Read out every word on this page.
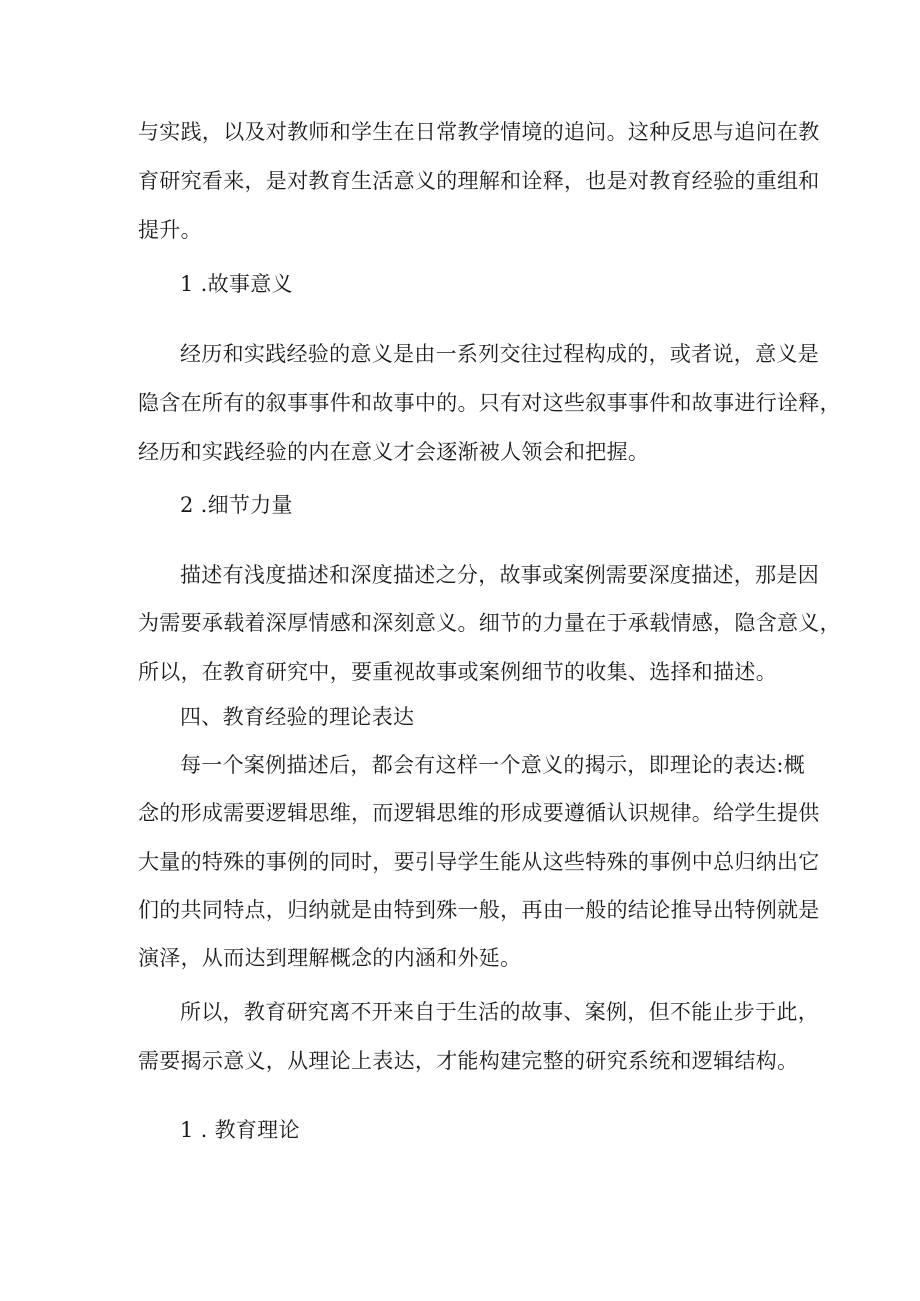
与实践，以及对教师和学生在日常教学情境的追问。这种反思与追问在教
育研究看来，是对教育生活意义的理解和诠释，也是对教育经验的重组和
提升。
1 .故事意义
经历和实践经验的意义是由一系列交往过程构成的，或者说，意义是
隐含在所有的叙事事件和故事中的。只有对这些叙事事件和故事进行诠释，
经历和实践经验的内在意义才会逐渐被人领会和把握。
2 .细节力量
描述有浅度描述和深度描述之分，故事或案例需要深度描述，那是因
为需要承载着深厚情感和深刻意义。细节的力量在于承载情感，隐含意义，
所以，在教育研究中，要重视故事或案例细节的收集、选择和描述。
四、教育经验的理论表达
每一个案例描述后，都会有这样一个意义的揭示，即理论的表达:概
念的形成需要逻辑思维，而逻辑思维的形成要遵循认识规律。给学生提供
大量的特殊的事例的同时，要引导学生能从这些特殊的事例中总归纳出它
们的共同特点，归纳就是由特到殊一般，再由一般的结论推导出特例就是
演泽，从而达到理解概念的内涵和外延。
所以，教育研究离不开来自于生活的故事、案例，但不能止步于此，
需要揭示意义，从理论上表达，才能构建完整的研究系统和逻辑结构。
1 . 教育理论
